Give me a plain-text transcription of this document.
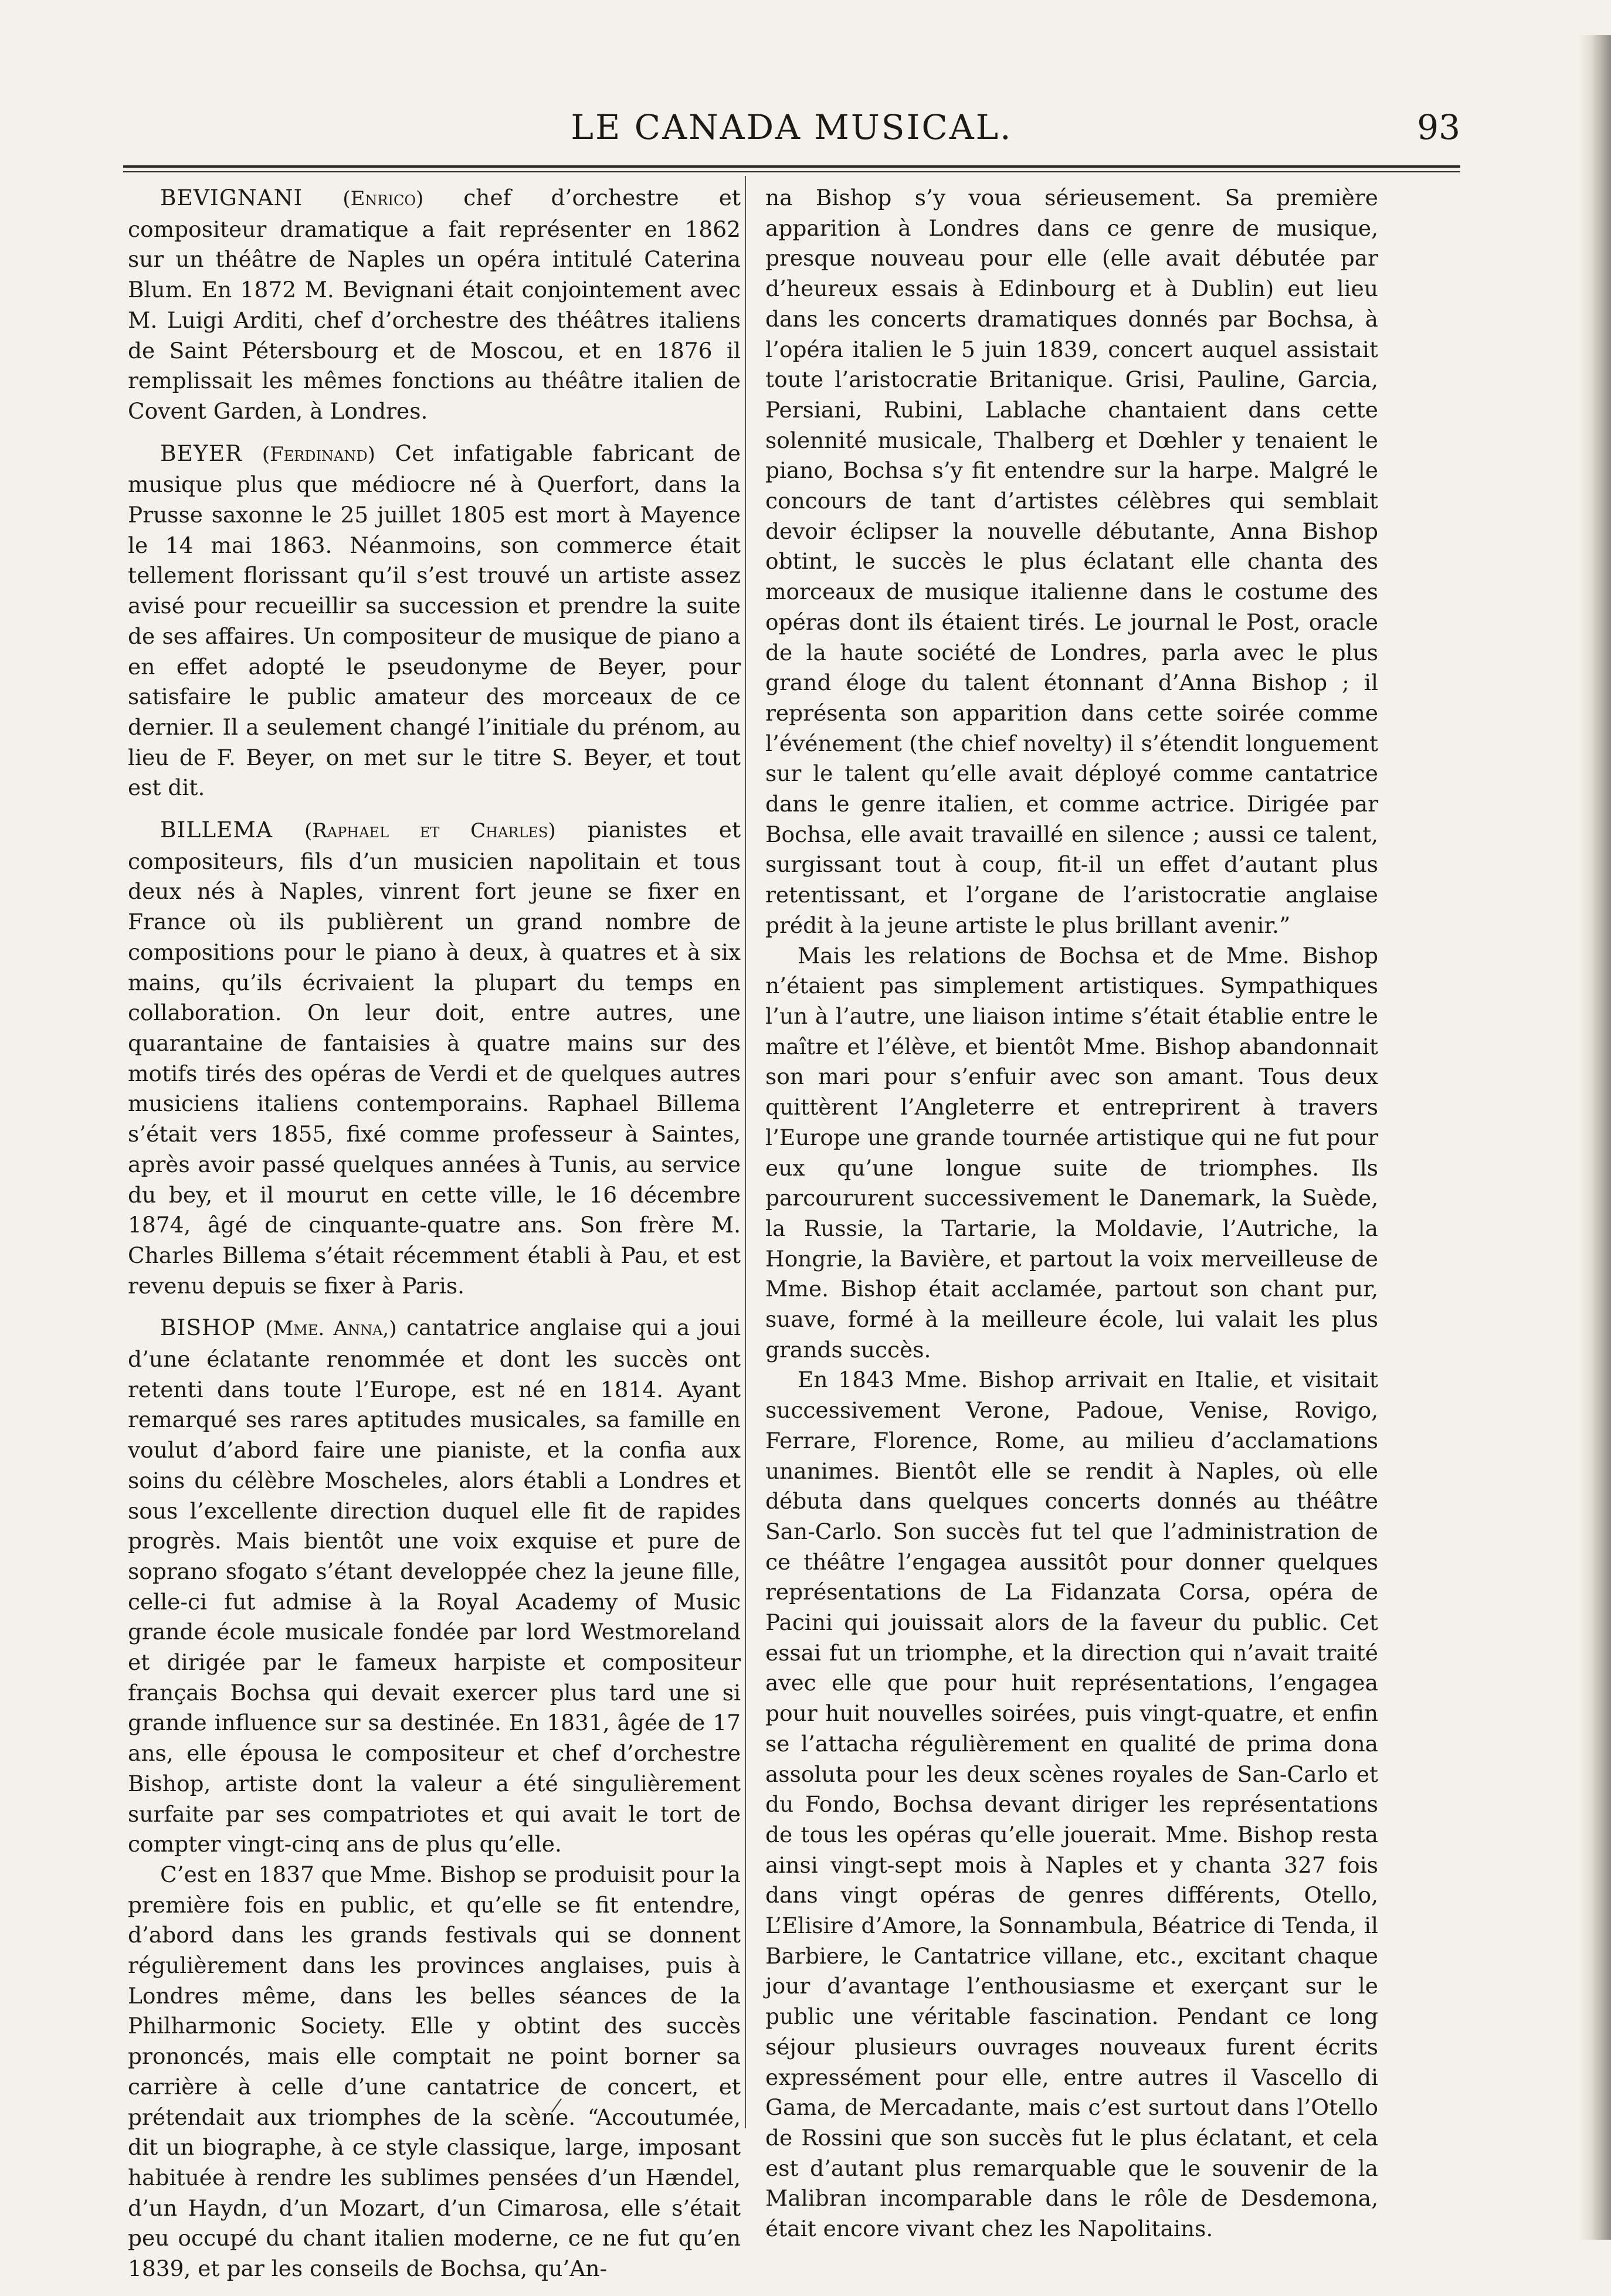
LE CANADA MUSICAL.	93

BEVIGNANI (Enrico) chef d’orchestre et compositeur dramatique a fait représenter en 1862 sur un théâtre de Naples un opéra intitulé Caterina Blum. En 1872 M. Bevignani était conjointement avec M. Luigi Arditi, chef d’orchestre des théâtres italiens de Saint Pétersbourg et de Moscou, et en 1876 il remplissait les mêmes fonctions au théâtre italien de Covent Garden, à Londres.

BEYER (Ferdinand) Cet infatigable fabricant de musique plus que médiocre né à Querfort, dans la Prusse saxonne le 25 juillet 1805 est mort à Mayence le 14 mai 1863. Néanmoins, son commerce était tellement florissant qu’il s’est trouvé un artiste assez avisé pour recueillir sa succession et prendre la suite de ses affaires. Un compositeur de musique de piano a en effet adopté le pseudonyme de Beyer, pour satisfaire le public amateur des morceaux de ce dernier. Il a seulement changé l’initiale du prénom, au lieu de F. Beyer, on met sur le titre S. Beyer, et tout est dit.

BILLEMA (Raphael et Charles) pianistes et compositeurs, fils d’un musicien napolitain et tous deux nés à Naples, vinrent fort jeune se fixer en France où ils publièrent un grand nombre de compositions pour le piano à deux, à quatres et à six mains, qu’ils écrivaient la plupart du temps en collaboration. On leur doit, entre autres, une quarantaine de fantaisies à quatre mains sur des motifs tirés des opéras de Verdi et de quelques autres musiciens italiens contemporains. Raphael Billema s’était vers 1855, fixé comme professeur à Saintes, après avoir passé quelques années à Tunis, au service du bey, et il mourut en cette ville, le 16 décembre 1874, âgé de cinquante-quatre ans. Son frère M. Charles Billema s’était récemment établi à Pau, et est revenu depuis se fixer à Paris.

BISHOP (Mme. Anna,) cantatrice anglaise qui a joui d’une éclatante renommée et dont les succès ont retenti dans toute l’Europe, est né en 1814. Ayant remarqué ses rares aptitudes musicales, sa famille en voulut d’abord faire une pianiste, et la confia aux soins du célèbre Moscheles, alors établi a Londres et sous l’excellente direction duquel elle fit de rapides progrès. Mais bientôt une voix exquise et pure de soprano sfogato s’étant developpée chez la jeune fille, celle-ci fut admise à la Royal Academy of Music grande école musicale fondée par lord Westmoreland et dirigée par le fameux harpiste et compositeur français Bochsa qui devait exercer plus tard une si grande influence sur sa destinée. En 1831, âgée de 17 ans, elle épousa le compositeur et chef d’orchestre Bishop, artiste dont la valeur a été singulièrement surfaite par ses compatriotes et qui avait le tort de compter vingt-cinq ans de plus qu’elle.

C’est en 1837 que Mme. Bishop se produisit pour la première fois en public, et qu’elle se fit entendre, d’abord dans les grands festivals qui se donnent régulièrement dans les provinces anglaises, puis à Londres même, dans les belles séances de la Philharmonic Society. Elle y obtint des succès prononcés, mais elle comptait ne point borner sa carrière à celle d’une cantatrice de concert, et prétendait aux triomphes de la scène. “Accoutumée, dit un biographe, à ce style classique, large, imposant habituée à rendre les sublimes pensées d’un Hændel, d’un Haydn, d’un Mozart, d’un Cimarosa, elle s’était peu occupé du chant italien moderne, ce ne fut qu’en 1839, et par les conseils de Bochsa, qu’An-

na Bishop s’y voua sérieusement. Sa première apparition à Londres dans ce genre de musique, presque nouveau pour elle (elle avait débutée par d’heureux essais à Edinbourg et à Dublin) eut lieu dans les concerts dramatiques donnés par Bochsa, à l’opéra italien le 5 juin 1839, concert auquel assistait toute l’aristocratie Britanique. Grisi, Pauline, Garcia, Persiani, Rubini, Lablache chantaient dans cette solennité musicale, Thalberg et Dœhler y tenaient le piano, Bochsa s’y fit entendre sur la harpe. Malgré le concours de tant d’artistes célèbres qui semblait devoir éclipser la nouvelle débutante, Anna Bishop obtint, le succès le plus éclatant elle chanta des morceaux de musique italienne dans le costume des opéras dont ils étaient tirés. Le journal le Post, oracle de la haute société de Londres, parla avec le plus grand éloge du talent étonnant d’Anna Bishop ; il représenta son apparition dans cette soirée comme l’événement (the chief novelty) il s’étendit longuement sur le talent qu’elle avait déployé comme cantatrice dans le genre italien, et comme actrice. Dirigée par Bochsa, elle avait travaillé en silence ; aussi ce talent, surgissant tout à coup, fit-il un effet d’autant plus retentissant, et l’organe de l’aristocratie anglaise prédit à la jeune artiste le plus brillant avenir.”

Mais les relations de Bochsa et de Mme. Bishop n’étaient pas simplement artistiques. Sympathiques l’un à l’autre, une liaison intime s’était établie entre le maître et l’élève, et bientôt Mme. Bishop abandonnait son mari pour s’enfuir avec son amant. Tous deux quittèrent l’Angleterre et entreprirent à travers l’Europe une grande tournée artistique qui ne fut pour eux qu’une longue suite de triomphes. Ils parcoururent successivement le Danemark, la Suède, la Russie, la Tartarie, la Moldavie, l’Autriche, la Hongrie, la Bavière, et partout la voix merveilleuse de Mme. Bishop était acclamée, partout son chant pur, suave, formé à la meilleure école, lui valait les plus grands succès.

En 1843 Mme. Bishop arrivait en Italie, et visitait successivement Verone, Padoue, Venise, Rovigo, Ferrare, Florence, Rome, au milieu d’acclamations unanimes. Bientôt elle se rendit à Naples, où elle débuta dans quelques concerts donnés au théâtre San-Carlo. Son succès fut tel que l’administration de ce théâtre l’engagea aussitôt pour donner quelques représentations de La Fidanzata Corsa, opéra de Pacini qui jouissait alors de la faveur du public. Cet essai fut un triomphe, et la direction qui n’avait traité avec elle que pour huit représentations, l’engagea pour huit nouvelles soirées, puis vingt-quatre, et enfin se l’attacha régulièrement en qualité de prima dona assoluta pour les deux scènes royales de San-Carlo et du Fondo, Bochsa devant diriger les représentations de tous les opéras qu’elle jouerait. Mme. Bishop resta ainsi vingt-sept mois à Naples et y chanta 327 fois dans vingt opéras de genres différents, Otello, L’Elisire d’Amore, la Sonnambula, Béatrice di Tenda, il Barbiere, le Cantatrice villane, etc., excitant chaque jour d’avantage l’enthousiasme et exerçant sur le public une véritable fascination. Pendant ce long séjour plusieurs ouvrages nouveaux furent écrits expressément pour elle, entre autres il Vascello di Gama, de Mercadante, mais c’est surtout dans l’Otello de Rossini que son succès fut le plus éclatant, et cela est d’autant plus remarquable que le souvenir de la Malibran incomparable dans le rôle de Desdemona, était encore vivant chez les Napolitains.
